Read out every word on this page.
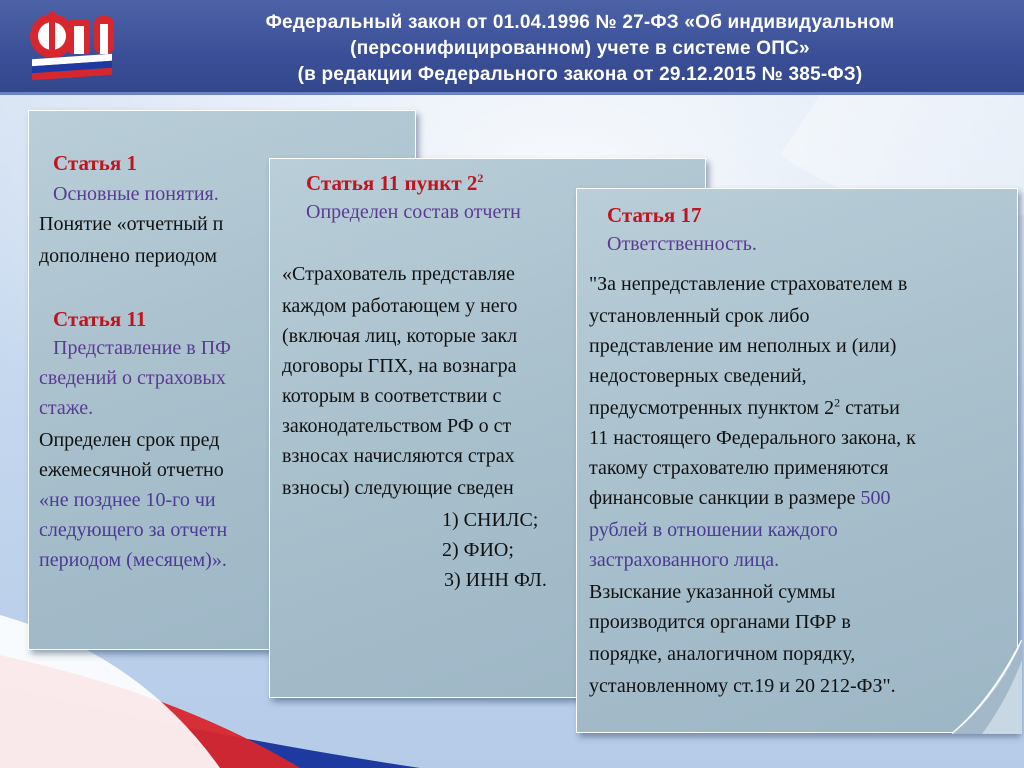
Федеральный закон от 01.04.1996 № 27-ФЗ «Об индивидуальном
(персонифицированном) учете в системе ОПС»
(в редакции Федерального закона от 29.12.2015 № 385-ФЗ)
Статья 1
Основные понятия.
Понятие «отчетный п
дополнено периодом
Статья 11
Представление в ПФ
сведений о страховых
стаже.
Определен срок пред
ежемесячной отчетно
«не позднее 10-го чи
следующего за отчетн
периодом (месяцем)».
Статья 11 пункт $2^2$
Определен состав отчетн
«Страхователь представляе
каждом работающем у него
(включая лиц, которые закл
договоры ГПХ, на вознагра
которым в соответствии с
законодательством РФ о ст
взносах начисляются страх
взносы) следующие сведен
1) СНИЛС;
2) ФИО;
3) ИНН ФЛ.
Статья 17
Ответственность.
"За непредставление страхователем в
установленный срок либо
представление им неполных и (или)
недостоверных сведений,
предусмотренных пунктом $2^2$ статьи
11 настоящего Федерального закона, к
такому страхователю применяются
финансовые санкции в размере 500
рублей в отношении каждого
застрахованного лица.
Взыскание указанной суммы
производится органами ПФР в
порядке, аналогичном порядку,
установленному ст.19 и 20 212-ФЗ".
